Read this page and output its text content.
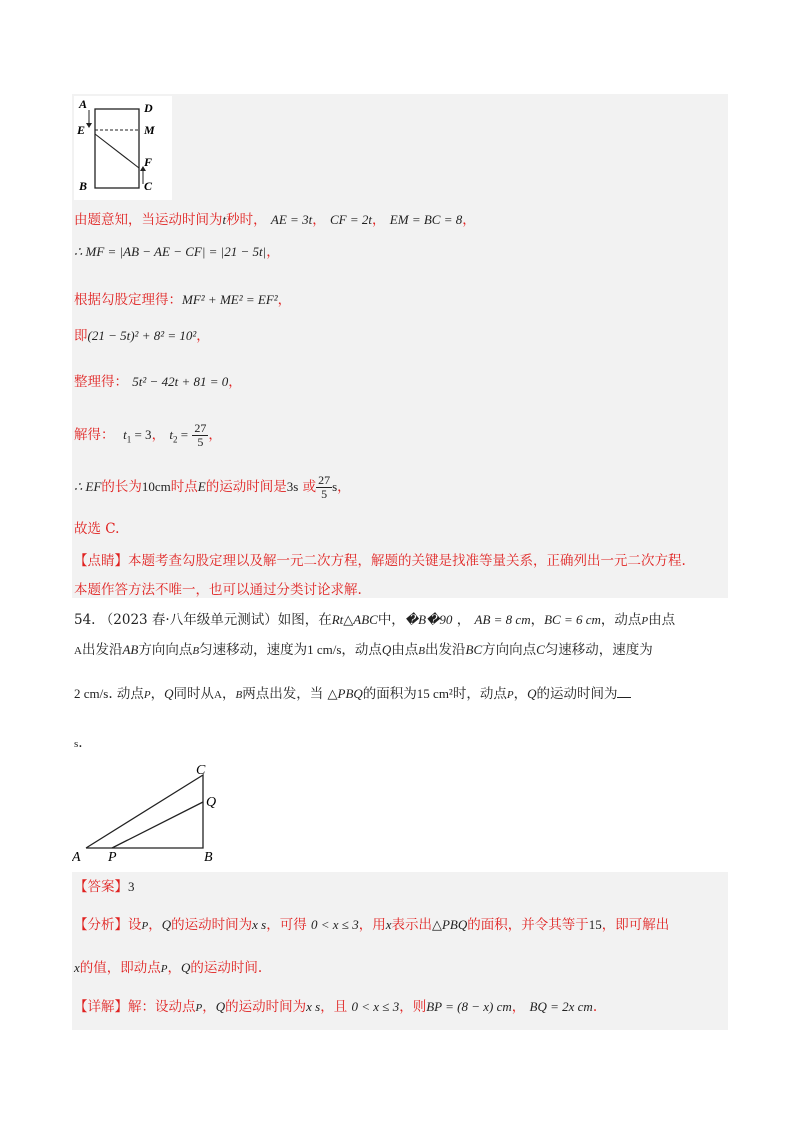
A	D
E	M
F
B	C
由题意知，当运动时间为t秒时， AE = 3t， CF = 2t， EM = BC = 8，
∴ MF = |AB − AE − CF| = |21 − 5t|，
根据勾股定理得：MF² + ME² = EF²，
即(21 − 5t)² + 8² = 10²，
整理得： 5t² − 42t + 81 = 0，
解得： $t_1 = 3$， $t_2 = \frac{27}{5}$ ，
∴ EF的长为10cm时点E的运动时间是3s 或 $\frac{27}{5}$ s，
故选 C.
【点睛】本题考查勾股定理以及解一元二次方程，解题的关键是找准等量关系，正确列出一元二次方程.
本题作答方法不唯一，也可以通过分类讨论求解.
54. （2023 春·八年级单元测试）如图，在Rt△ABC中，�B�90 ， AB = 8 cm，BC = 6 cm，动点P由点
A出发沿AB方向向点B匀速移动，速度为1 cm/s，动点Q由点B出发沿BC方向向点C匀速移动，速度为
2 cm/s. 动点P，Q同时从A，B两点出发，当 △PBQ的面积为15 cm²时，动点P，Q的运动时间为
s.
C
Q
A P	B
【答案】3
【分析】设P，Q的运动时间为x s，可得 0 < x ≤ 3，用x表示出△PBQ的面积，并令其等于15，即可解出
x的值，即动点P，Q的运动时间.
【详解】解：设动点P，Q的运动时间为x s，且 0 < x ≤ 3，则BP = (8 − x) cm， BQ = 2x cm.
